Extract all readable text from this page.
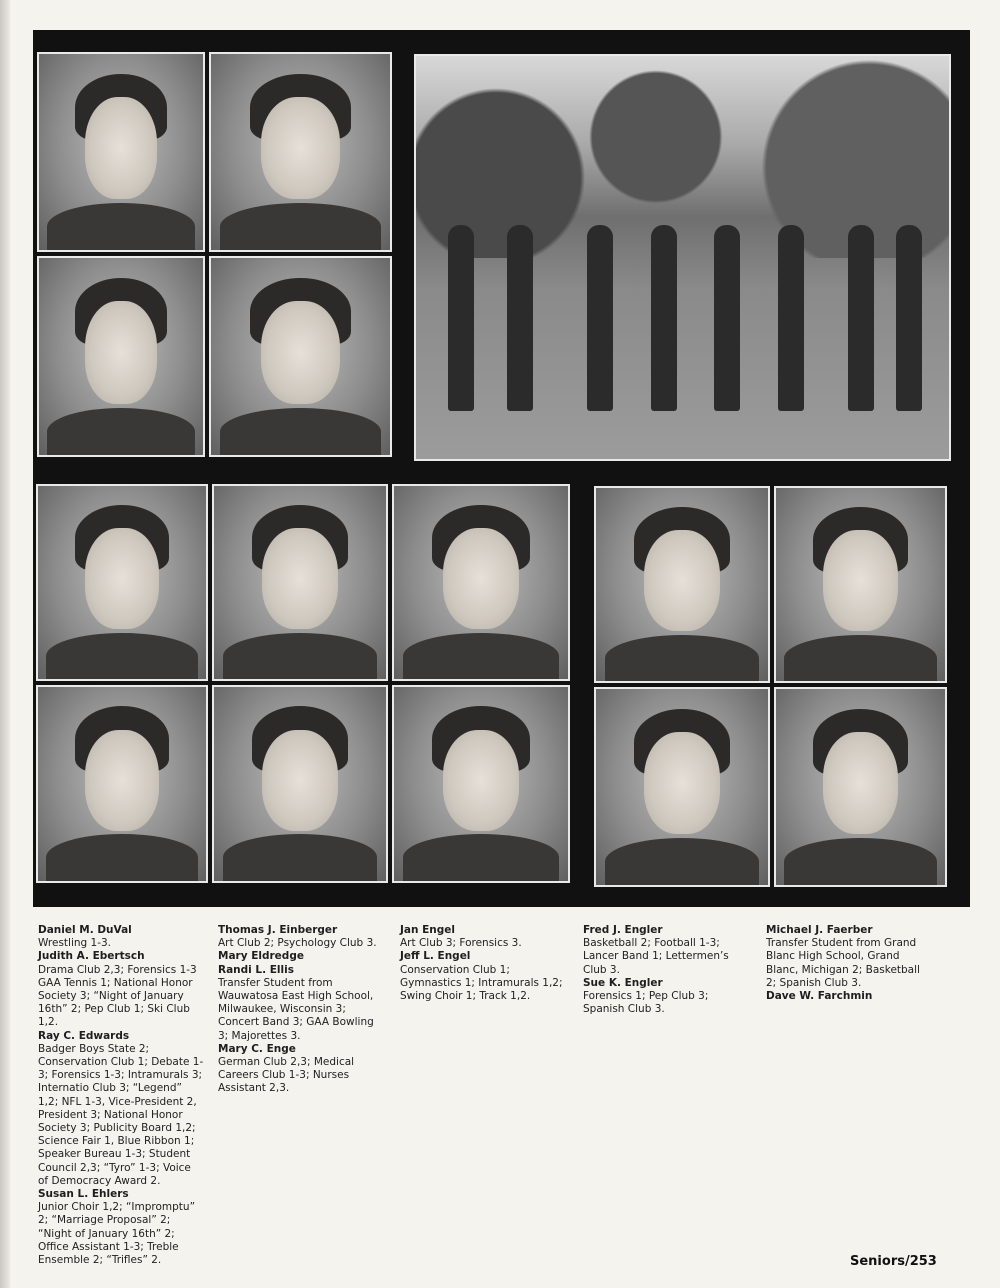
Daniel M. DuVal
Wrestling 1-3.
Judith A. Ebertsch
Drama Club 2,3; Forensics 1-3 GAA Tennis 1; National Honor Society 3; “Night of January 16th” 2; Pep Club 1; Ski Club 1,2.
Ray C. Edwards
Badger Boys State 2; Conservation Club 1; Debate 1-3; Forensics 1-3; Intramurals 3; Internatio Club 3; “Legend” 1,2; NFL 1-3, Vice-President 2, President 3; National Honor Society 3; Publicity Board 1,2; Science Fair 1, Blue Ribbon 1; Speaker Bureau 1-3; Student Council 2,3; “Tyro” 1-3; Voice of Democracy Award 2.
Susan L. Ehlers
Junior Choir 1,2; “Impromptu” 2; “Marriage Proposal” 2; “Night of January 16th” 2; Office Assistant 1-3; Treble Ensemble 2; “Trifles” 2.
Thomas J. Einberger
Art Club 2; Psychology Club 3.
Mary Eldredge
Randi L. Ellis
Transfer Student from Wauwatosa East High School, Milwaukee, Wisconsin 3; Concert Band 3; GAA Bowling 3; Majorettes 3.
Mary C. Enge
German Club 2,3; Medical Careers Club 1-3; Nurses Assistant 2,3.
Jan Engel
Art Club 3; Forensics 3.
Jeff L. Engel
Conservation Club 1; Gymnastics 1; Intramurals 1,2; Swing Choir 1; Track 1,2.
Fred J. Engler
Basketball 2; Football 1-3; Lancer Band 1; Lettermen’s Club 3.
Sue K. Engler
Forensics 1; Pep Club 3; Spanish Club 3.
Michael J. Faerber
Transfer Student from Grand Blanc High School, Grand Blanc, Michigan 2; Basketball 2; Spanish Club 3.
Dave W. Farchmin
Seniors/253
